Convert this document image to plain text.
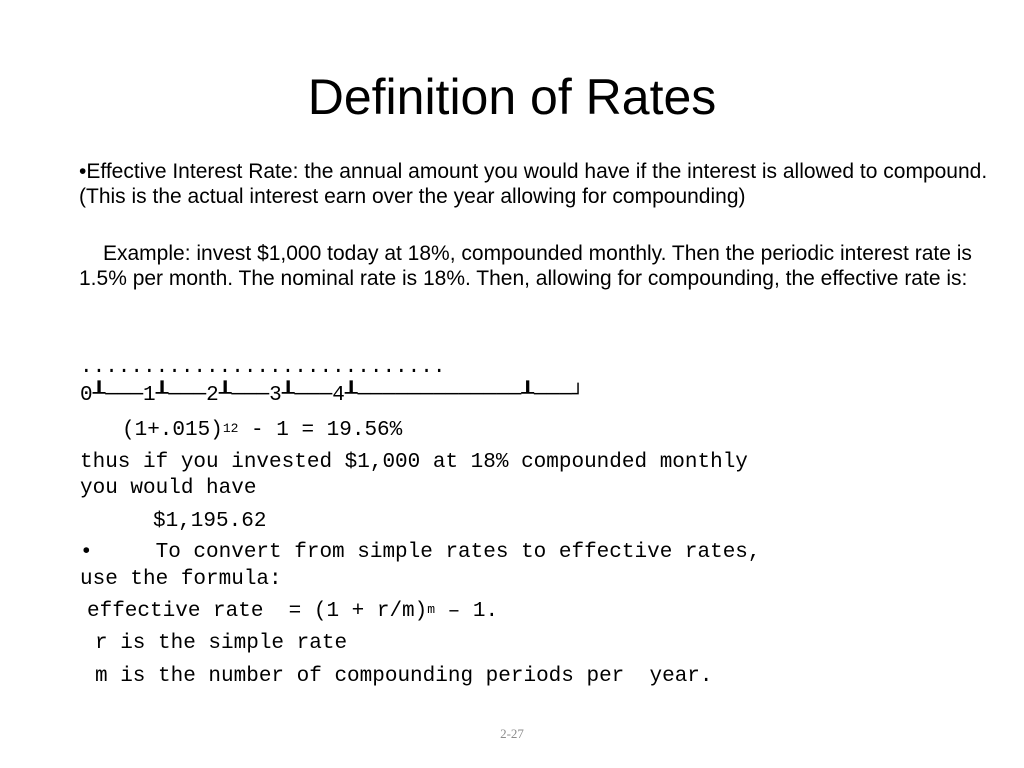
Definition of Rates

•Effective Interest Rate: the annual amount you would have if the interest is allowed to compound. (This is the actual interest earn over the year allowing for compounding)

Example: invest $1,000 today at 18%, compounded monthly. Then the periodic interest rate is 1.5% per month. The nominal rate is 18%. Then, allowing for compounding, the effective rate is:

.............................
0┸───1┸───2┸───3┸───4┸─────────────┸───┘
$(1+.015)^{12} - 1 = 19.56\%$
thus if you invested $1,000 at 18% compounded monthly
you would have
$1,195.62
•     To convert from simple rates to effective rates,
use the formula:
effective rate  = $(1 + r/m)^m - 1$.
r is the simple rate
m is the number of compounding periods per  year.
2-27
